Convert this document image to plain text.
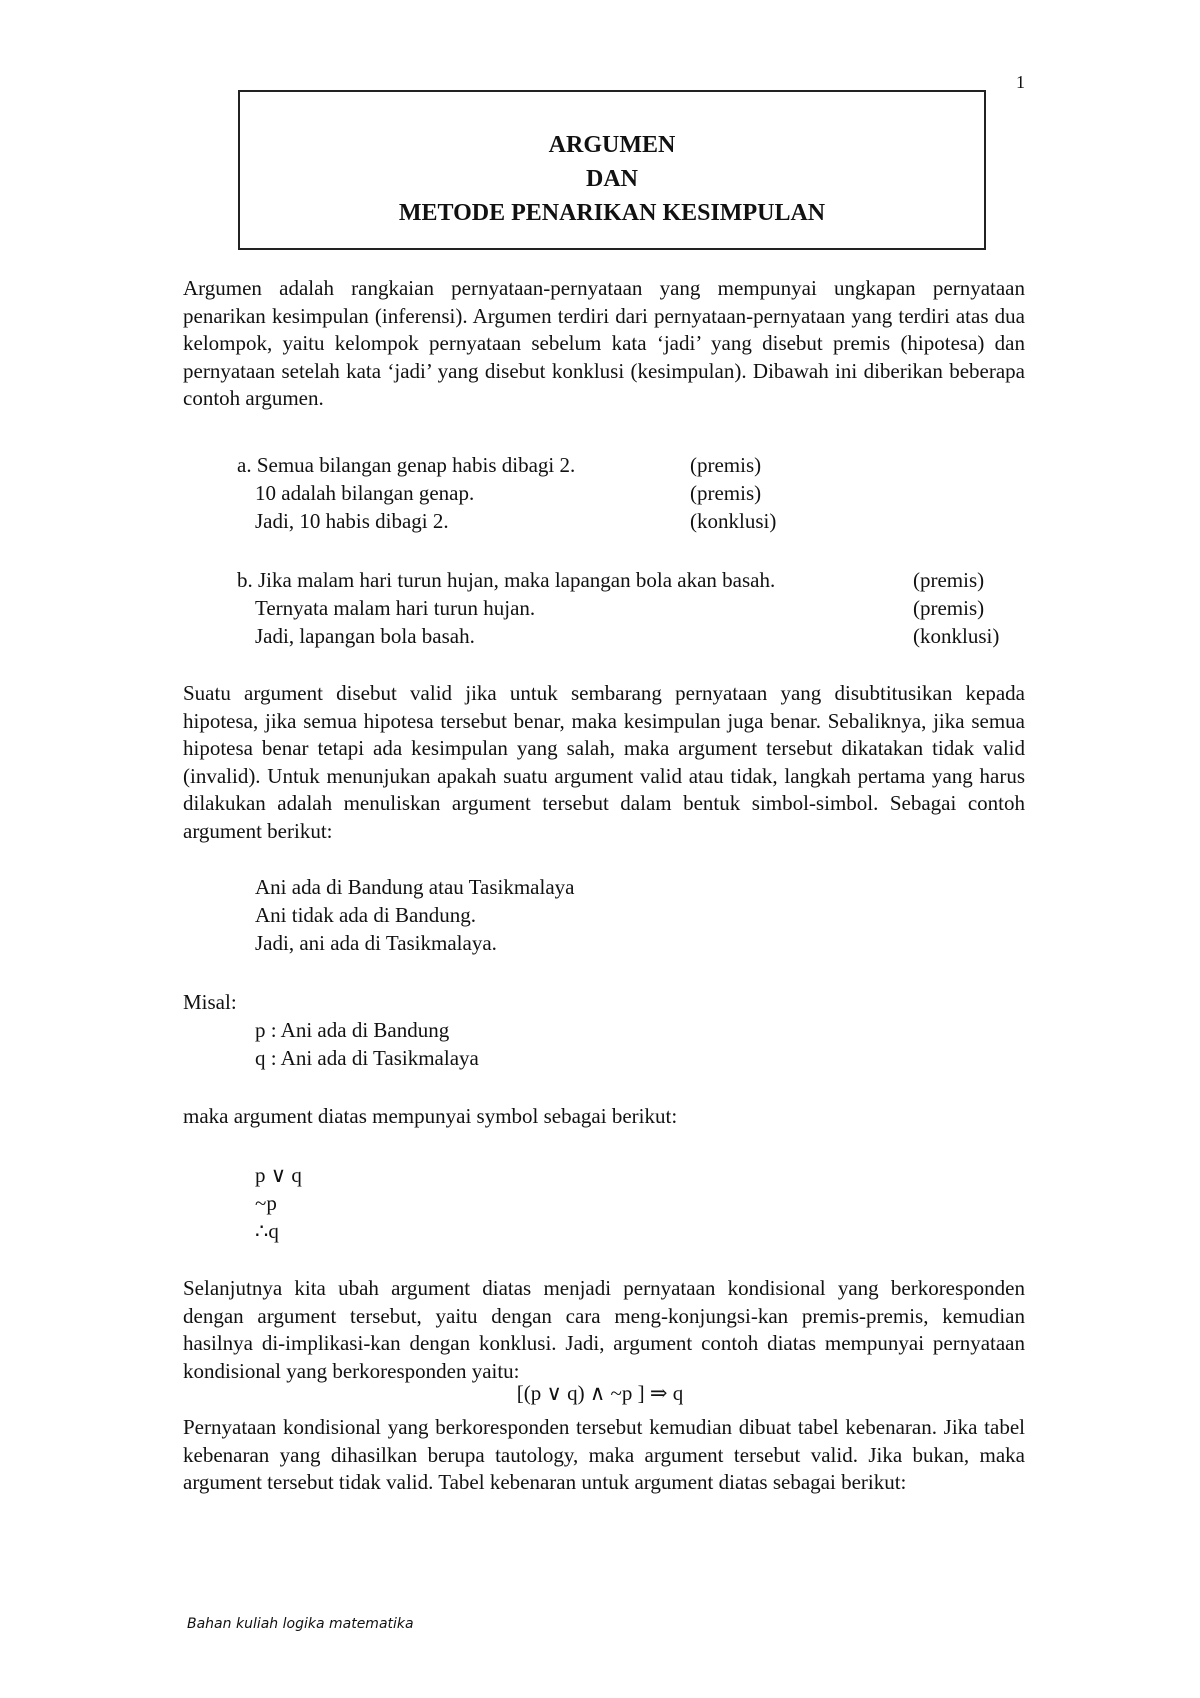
1
ARGUMEN
DAN
METODE PENARIKAN KESIMPULAN

Argumen adalah rangkaian pernyataan-pernyataan yang mempunyai ungkapan pernyataan penarikan kesimpulan (inferensi). Argumen terdiri dari pernyataan-pernyataan yang terdiri atas dua kelompok, yaitu kelompok pernyataan sebelum kata ‘jadi’ yang disebut premis (hipotesa) dan pernyataan setelah kata ‘jadi’ yang disebut konklusi (kesimpulan). Dibawah ini diberikan beberapa contoh argumen.

a. Semua bilangan genap habis dibagi 2.	(premis)
10 adalah bilangan genap.	(premis)
Jadi, 10 habis dibagi 2.	(konklusi)
b. Jika malam hari turun hujan, maka lapangan bola akan basah.	(premis)
Ternyata malam hari turun hujan.	(premis)
Jadi, lapangan bola basah.	(konklusi)

Suatu argument disebut valid jika untuk sembarang pernyataan yang disubtitusikan kepada hipotesa, jika semua hipotesa tersebut benar, maka kesimpulan juga benar. Sebaliknya, jika semua hipotesa benar tetapi ada kesimpulan yang salah, maka argument tersebut dikatakan tidak valid (invalid). Untuk menunjukan apakah suatu argument valid atau tidak, langkah pertama yang harus dilakukan adalah menuliskan argument tersebut dalam bentuk simbol-simbol. Sebagai contoh argument berikut:

Ani ada di Bandung atau Tasikmalaya
Ani tidak ada di Bandung.
Jadi, ani ada di Tasikmalaya.
Misal:
p : Ani ada di Bandung
q : Ani ada di Tasikmalaya
maka argument diatas mempunyai symbol sebagai berikut:
p ∨ q
~p
∴q

Selanjutnya kita ubah argument diatas menjadi pernyataan kondisional yang berkoresponden dengan argument tersebut, yaitu dengan cara meng-konjungsi-kan premis-premis, kemudian hasilnya di-implikasi-kan dengan konklusi. Jadi, argument contoh diatas mempunyai pernyataan kondisional yang berkoresponden yaitu:

[(p ∨ q) ∧ ~p ] ⇒ q

Pernyataan kondisional yang berkoresponden tersebut kemudian dibuat tabel kebenaran. Jika tabel kebenaran yang dihasilkan berupa tautology, maka argument tersebut valid. Jika bukan, maka argument tersebut tidak valid. Tabel kebenaran untuk argument diatas sebagai berikut:

Bahan kuliah logika matematika
